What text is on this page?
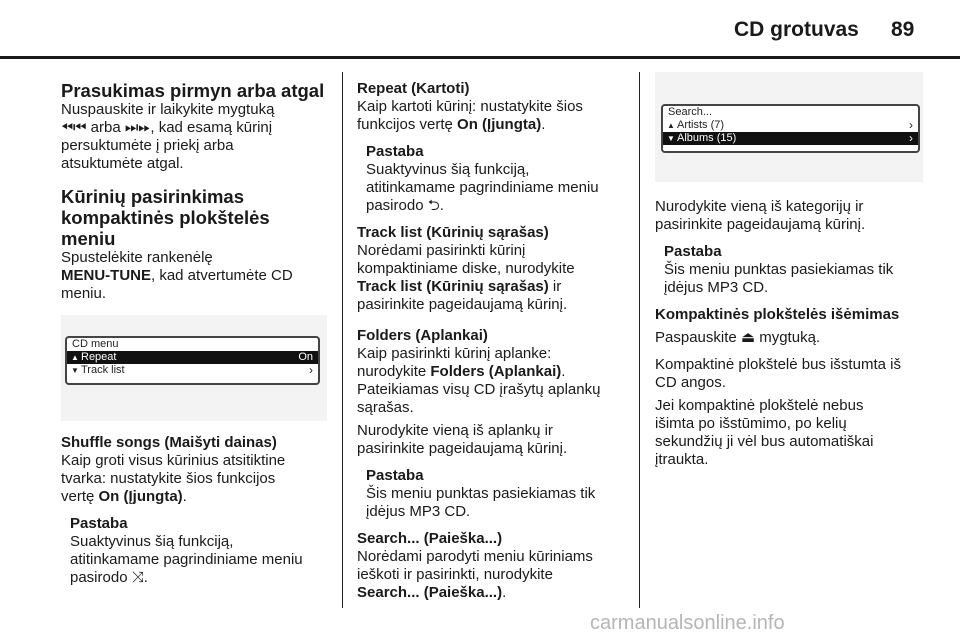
CD grotuvas 89

Prasukimas pirmyn arba atgal

Nuspauskite ir laikykite mygtuką

⏪︎⏮︎ arba ⏭︎⏩︎, kad esamą kūrinį

persuktumėte į priekį arba

atsuktumėte atgal.

Kūrinių pasirinkimas

kompaktinės plokštelės meniu

Spustelėkite rankenėlę

MENU-TUNE, kad atvertumėte CD

meniu.

CD menu
▲ Repeat	On
▼ Track list	›

Shuffle songs (Maišyti dainas)

Kaip groti visus kūrinius atsitiktine

tvarka: nustatykite šios funkcijos

vertę On (Įjungta).

Pastaba

Suaktyvinus šią funkciją,

atitinkamame pagrindiniame meniu

pasirodo ⤨.

Repeat (Kartoti)

Kaip kartoti kūrinį: nustatykite šios

funkcijos vertę On (Įjungta).

Pastaba

Suaktyvinus šią funkciją,

atitinkamame pagrindiniame meniu

pasirodo ⮌.

Track list (Kūrinių sąrašas)

Norėdami pasirinkti kūrinį

kompaktiniame diske, nurodykite

Track list (Kūrinių sąrašas) ir

pasirinkite pageidaujamą kūrinį.

Folders (Aplankai)

Kaip pasirinkti kūrinį aplanke:

nurodykite Folders (Aplankai).

Pateikiamas visų CD įrašytų aplankų

sąrašas.

Nurodykite vieną iš aplankų ir

pasirinkite pageidaujamą kūrinį.

Pastaba

Šis meniu punktas pasiekiamas tik

įdėjus MP3 CD.

Search... (Paieška...)

Norėdami parodyti meniu kūriniams

ieškoti ir pasirinkti, nurodykite

Search... (Paieška...).

Search...
▲ Artists (7)	›
▼ Albums (15)	›

Nurodykite vieną iš kategorijų ir

pasirinkite pageidaujamą kūrinį.

Pastaba

Šis meniu punktas pasiekiamas tik

įdėjus MP3 CD.

Kompaktinės plokštelės išėmimas

Paspauskite ⏏︎ mygtuką.

Kompaktinė plokštelė bus išstumta iš

CD angos.

Jei kompaktinė plokštelė nebus

išimta po išstūmimo, po kelių

sekundžių ji vėl bus automatiškai

įtraukta.

carmanualsonline.info
